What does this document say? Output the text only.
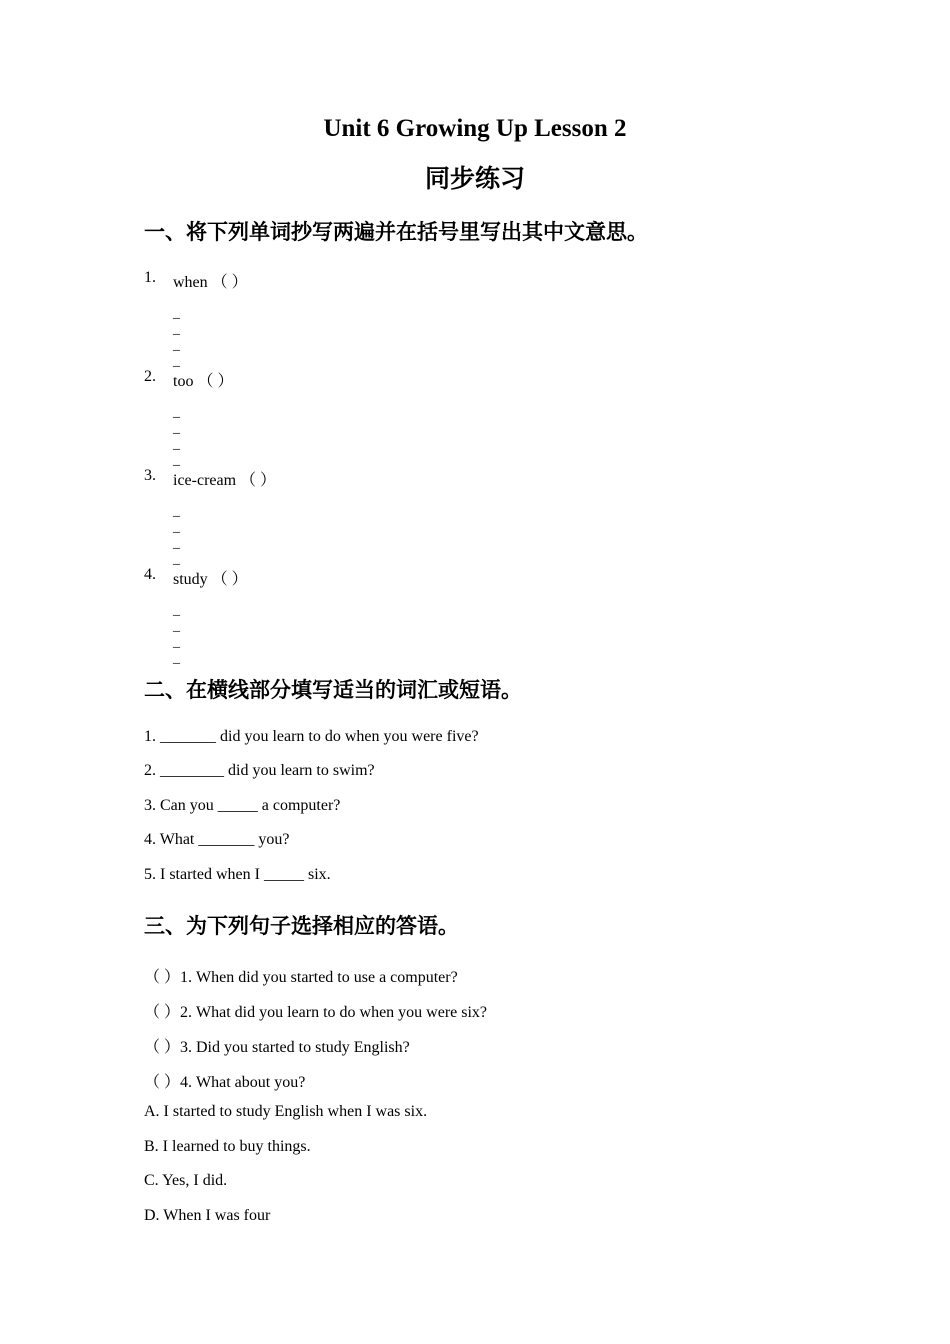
Unit 6 Growing Up Lesson 2
同步练习
一、将下列单词抄写两遍并在括号里写出其中文意思。
1. when （ ）
_
_
_
_
2. too （ ）
_
_
_
_
3. ice-cream （ ）
_
_
_
_
4. study （ ）
_
_
_
_
二、在横线部分填写适当的词汇或短语。
1. _______ did you learn to do when you were five?
2. ________ did you learn to swim?
3. Can you _____ a computer?
4. What _______ you?
5. I started when I _____ six.
三、为下列句子选择相应的答语。
（ ）1. When did you started to use a computer?
（ ）2. What did you learn to do when you were six?
（ ）3. Did you started to study English?
（ ）4. What about you?
A. I started to study English when I was six.
B. I learned to buy things.
C. Yes, I did.
D. When I was four
